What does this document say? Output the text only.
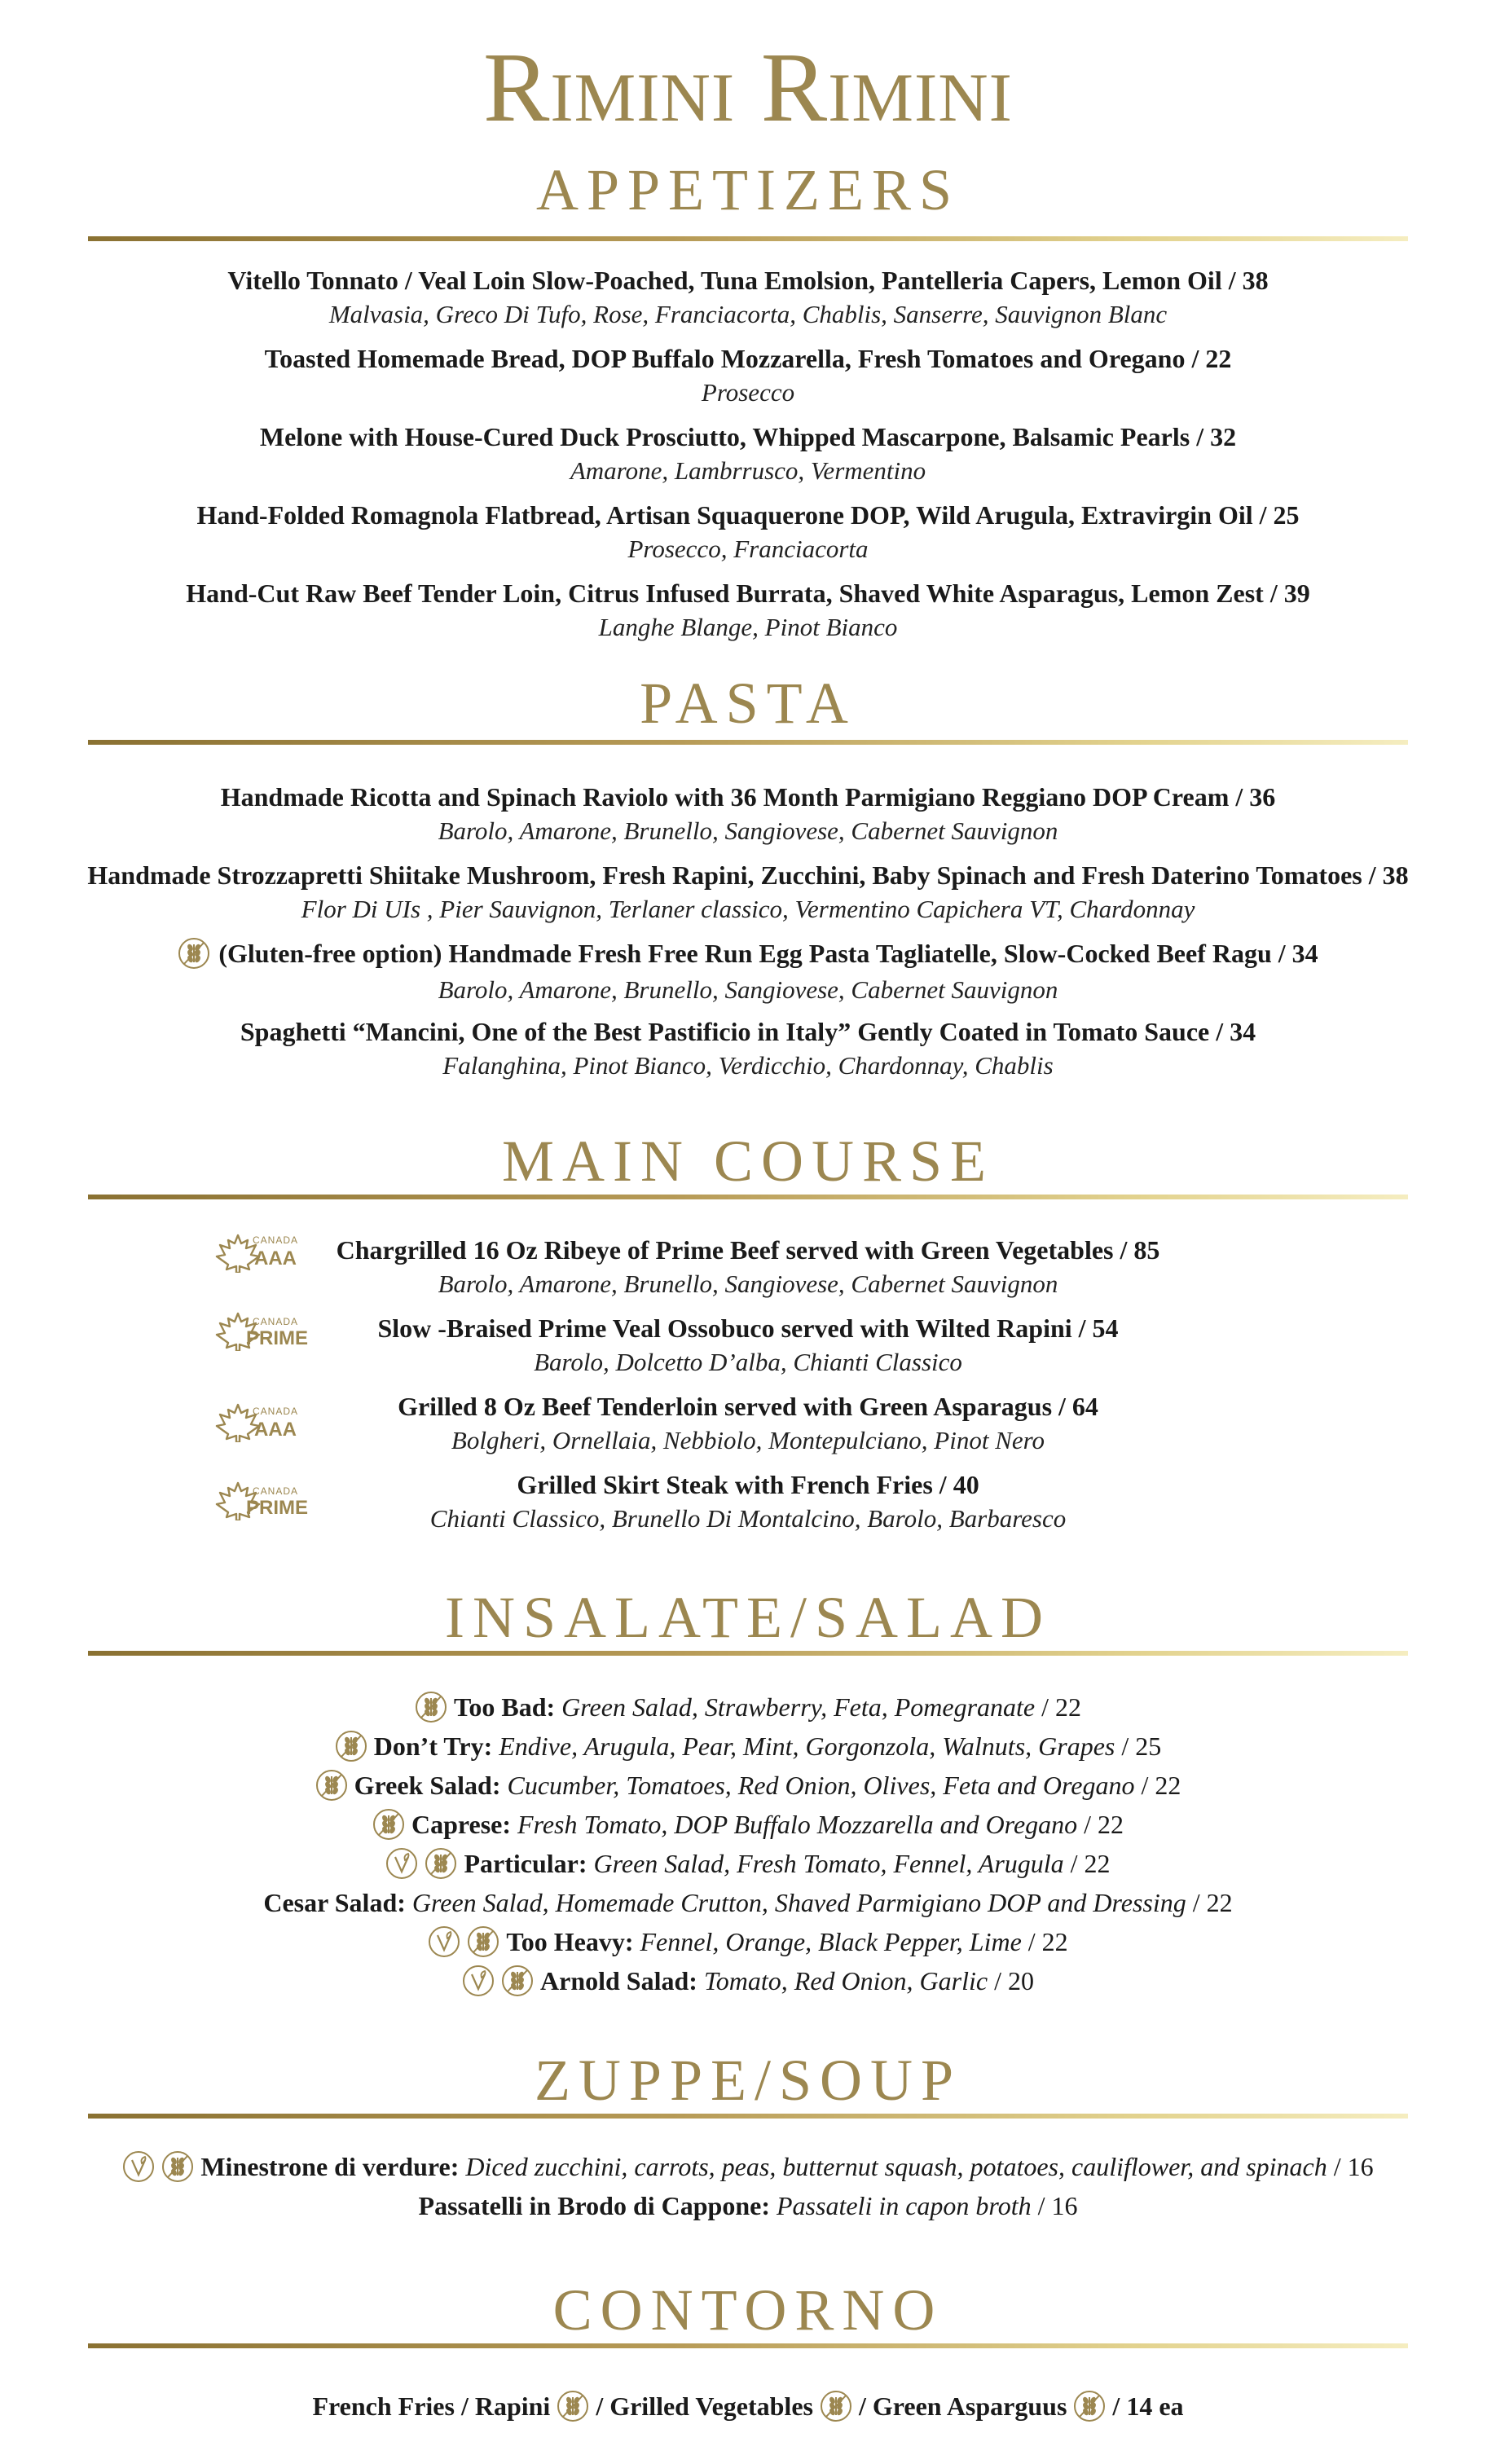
Rimini Rimini
APPETIZERS
Vitello Tonnato / Veal Loin Slow-Poached, Tuna Emolsion, Pantelleria Capers, Lemon Oil / 38
Malvasia, Greco Di Tufo, Rose, Franciacorta, Chablis, Sanserre, Sauvignon Blanc
Toasted Homemade Bread, DOP Buffalo Mozzarella, Fresh Tomatoes and Oregano / 22
Prosecco
Melone with House-Cured Duck Prosciutto, Whipped Mascarpone, Balsamic Pearls / 32
Amarone, Lambrrusco, Vermentino
Hand-Folded Romagnola Flatbread, Artisan Squaquerone DOP, Wild Arugula, Extravirgin Oil / 25
Prosecco, Franciacorta
Hand-Cut Raw Beef Tender Loin, Citrus Infused Burrata, Shaved White Asparagus, Lemon Zest / 39
Langhe Blange, Pinot Bianco
PASTA
Handmade Ricotta and Spinach Raviolo with 36 Month Parmigiano Reggiano DOP Cream / 36
Barolo, Amarone, Brunello, Sangiovese, Cabernet Sauvignon
Handmade Strozzapretti Shiitake Mushroom, Fresh Rapini, Zucchini, Baby Spinach and Fresh Daterino Tomatoes / 38
Flor Di UIs , Pier Sauvignon, Terlaner classico, Vermentino Capichera VT, Chardonnay
(Gluten-free option) Handmade Fresh Free Run Egg Pasta Tagliatelle, Slow-Cocked Beef Ragu / 34
Barolo, Amarone, Brunello, Sangiovese, Cabernet Sauvignon
Spaghetti “Mancini, One of the Best Pastificio in Italy” Gently Coated in Tomato Sauce / 34
Falanghina, Pinot Bianco, Verdicchio, Chardonnay, Chablis
MAIN COURSE
CANADA
AAA	Chargrilled 16 Oz Ribeye of Prime Beef served with Green Vegetables / 85
Barolo, Amarone, Brunello, Sangiovese, Cabernet Sauvignon
CANADA
PRIME	Slow -Braised Prime Veal Ossobuco served with Wilted Rapini / 54
Barolo, Dolcetto D’alba, Chianti Classico
CANADA
AAA
Grilled 8 Oz Beef Tenderloin served with Green Asparagus / 64
Bolgheri, Ornellaia, Nebbiolo, Montepulciano, Pinot Nero
CANADA
PRIME
Grilled Skirt Steak with French Fries / 40
Chianti Classico, Brunello Di Montalcino, Barolo, Barbaresco
INSALATE/SALAD
Too Bad: Green Salad, Strawberry, Feta, Pomegranate / 22
Don’t Try: Endive, Arugula, Pear, Mint, Gorgonzola, Walnuts, Grapes / 25
Greek Salad: Cucumber, Tomatoes, Red Onion, Olives, Feta and Oregano / 22
Caprese: Fresh Tomato, DOP Buffalo Mozzarella and Oregano / 22
Particular: Green Salad, Fresh Tomato, Fennel, Arugula / 22
Cesar Salad: Green Salad, Homemade Crutton, Shaved Parmigiano DOP and Dressing / 22
Too Heavy: Fennel, Orange, Black Pepper, Lime / 22
Arnold Salad: Tomato, Red Onion, Garlic / 20
ZUPPE/SOUP
Minestrone di verdure: Diced zucchini, carrots, peas, butternut squash, potatoes, cauliflower, and spinach / 16
Passatelli in Brodo di Cappone: Passateli in capon broth / 16
CONTORNO
French Fries / Rapini / Grilled Vegetables / Green Asparguus / 14 ea
